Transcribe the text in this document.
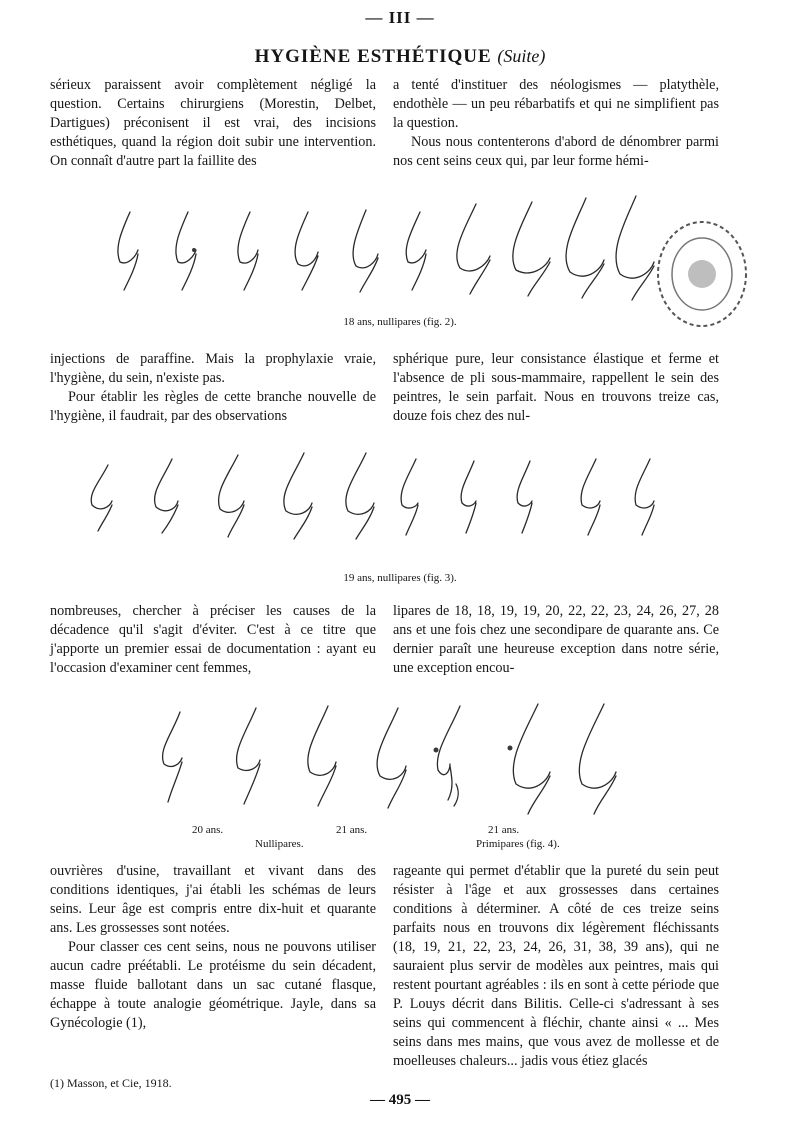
— III —
HYGIÈNE ESTHÉTIQUE (Suite)

sérieux paraissent avoir complètement négligé la question. Certains chirurgiens (Morestin, Delbet, Dartigues) préconisent il est vrai, des incisions esthétiques, quand la région doit subir une intervention. On connaît d'autre part la faillite des

a tenté d'instituer des néologismes — platythèle, endothèle — un peu rébarbatifs et qui ne simplifient pas la question.

Nous nous contenterons d'abord de dénombrer parmi nos cent seins ceux qui, par leur forme hémi-

18 ans, nullipares (fig. 2).

injections de paraffine. Mais la prophylaxie vraie, l'hygiène, du sein, n'existe pas.

Pour établir les règles de cette branche nouvelle de l'hygiène, il faudrait, par des observations

sphérique pure, leur consistance élastique et ferme et l'absence de pli sous-mammaire, rappellent le sein des peintres, le sein parfait. Nous en trouvons treize cas, douze fois chez des nul-

19 ans, nullipares (fig. 3).

nombreuses, chercher à préciser les causes de la décadence qu'il s'agit d'éviter. C'est à ce titre que j'apporte un premier essai de documentation : ayant eu l'occasion d'examiner cent femmes,

lipares de 18, 18, 19, 19, 20, 22, 22, 23, 24, 26, 27, 28 ans et une fois chez une secondipare de quarante ans. Ce dernier paraît une heureuse exception dans notre série, une exception encou-

20 ans.	21 ans.	21 ans.
Nullipares.	Primipares (fig. 4).

ouvrières d'usine, travaillant et vivant dans des conditions identiques, j'ai établi les schémas de leurs seins. Leur âge est compris entre dix-huit et quarante ans. Les grossesses sont notées.

Pour classer ces cent seins, nous ne pouvons utiliser aucun cadre préétabli. Le protéisme du sein décadent, masse fluide ballotant dans un sac cutané flasque, échappe à toute analogie géométrique. Jayle, dans sa Gynécologie (1),

rageante qui permet d'établir que la pureté du sein peut résister à l'âge et aux grossesses dans certaines conditions à déterminer. A côté de ces treize seins parfaits nous en trouvons dix légèrement fléchissants (18, 19, 21, 22, 23, 24, 26, 31, 38, 39 ans), qui ne sauraient plus servir de modèles aux peintres, mais qui restent pourtant agréables : ils en sont à cette période que P. Louys décrit dans Bilitis. Celle-ci s'adressant à ses seins qui commencent à fléchir, chante ainsi « ... Mes seins dans mes mains, que vous avez de mollesse et de moelleuses chaleurs... jadis vous étiez glacés

(1) Masson, et Cie, 1918.
— 495 —
